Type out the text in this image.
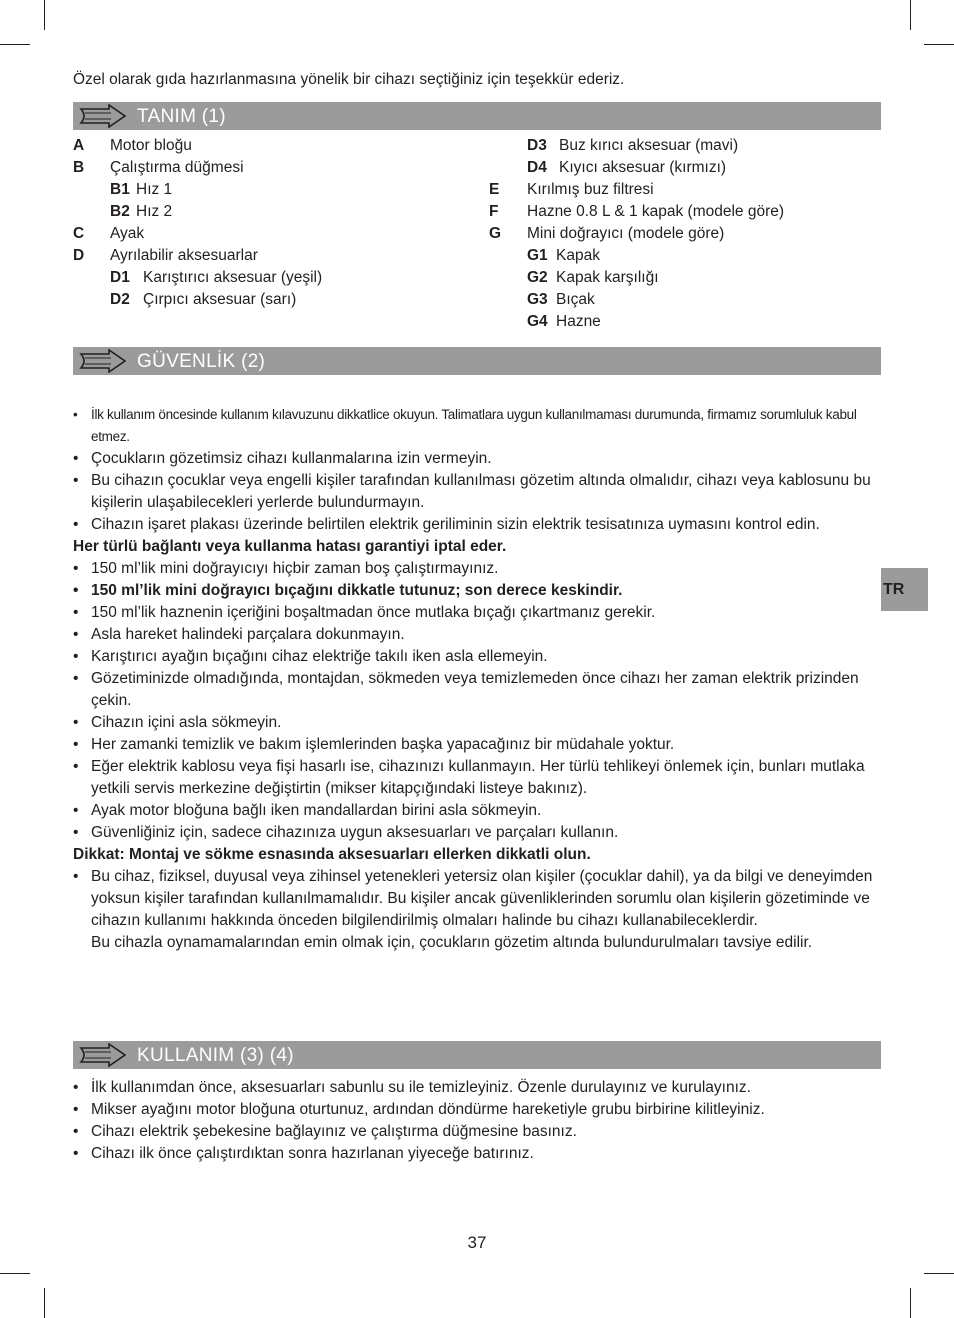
Özel olarak gıda hazırlanmasına yönelik bir cihazı seçtiğiniz için teşekkür ederiz.
TANIM (1)
A Motor bloğu
B Çalıştırma düğmesi
B1 Hız 1
B2 Hız 2
C Ayak
D Ayrılabilir aksesuarlar
D1 Karıştırıcı aksesuar (yeşil)
D2 Çırpıcı aksesuar (sarı)
D3 Buz kırıcı aksesuar (mavi)
D4 Kıyıcı aksesuar (kırmızı)
E Kırılmış buz filtresi
F Hazne 0.8 L & 1 kapak (modele göre)
G Mini doğrayıcı (modele göre)
G1 Kapak
G2 Kapak karşılığı
G3 Bıçak
G4 Hazne
GÜVENLİK (2)
• İlk kullanım öncesinde kullanım kılavuzunu dikkatlice okuyun. Talimatlara uygun kullanılmaması durumunda, firmamız sorumluluk kabul etmez.
• Çocukların gözetimsiz cihazı kullanmalarına izin vermeyin.
• Bu cihazın çocuklar veya engelli kişiler tarafından kullanılması gözetim altında olmalıdır, cihazı veya kablosunu bu kişilerin ulaşabilecekleri yerlerde bulundurmayın.
• Cihazın işaret plakası üzerinde belirtilen elektrik geriliminin sizin elektrik tesisatınıza uymasını kontrol edin.
Her türlü bağlantı veya kullanma hatası garantiyi iptal eder.
• 150 ml’lik mini doğrayıcıyı hiçbir zaman boş çalıştırmayınız.
• 150 ml’lik mini doğrayıcı bıçağını dikkatle tutunuz; son derece keskindir.
• 150 ml’lik haznenin içeriğini boşaltmadan önce mutlaka bıçağı çıkartmanız gerekir.
• Asla hareket halindeki parçalara dokunmayın.
• Karıştırıcı ayağın bıçağını cihaz elektriğe takılı iken asla ellemeyin.
• Gözetiminizde olmadığında, montajdan, sökmeden veya temizlemeden önce cihazı her zaman elektrik prizinden çekin.
• Cihazın içini asla sökmeyin.
• Her zamanki temizlik ve bakım işlemlerinden başka yapacağınız bir müdahale yoktur.
• Eğer elektrik kablosu veya fişi hasarlı ise, cihazınızı kullanmayın. Her türlü tehlikeyi önlemek için, bunları mutlaka yetkili servis merkezine değiştirtin (mikser kitapçığındaki listeye bakınız).
• Ayak motor bloğuna bağlı iken mandallardan birini asla sökmeyin.
• Güvenliğiniz için, sadece cihazınıza uygun aksesuarları ve parçaları kullanın.
Dikkat: Montaj ve sökme esnasında aksesuarları ellerken dikkatli olun.
• Bu cihaz, fiziksel, duyusal veya zihinsel yetenekleri yetersiz olan kişiler (çocuklar dahil), ya da bilgi ve deneyimden yoksun kişiler tarafından kullanılmamalıdır. Bu kişiler ancak güvenliklerinden sorumlu olan kişilerin gözetiminde ve cihazın kullanımı hakkında önceden bilgilendirilmiş olmaları halinde bu cihazı kullanabileceklerdir.
Bu cihazla oynamamalarından emin olmak için, çocukların gözetim altında bulundurulmaları tavsiye edilir.
TR
KULLANIM (3) (4)
• İlk kullanımdan önce, aksesuarları sabunlu su ile temizleyiniz. Özenle durulayınız ve kurulayınız.
• Mikser ayağını motor bloğuna oturtunuz, ardından döndürme hareketiyle grubu birbirine kilitleyiniz.
• Cihazı elektrik şebekesine bağlayınız ve çalıştırma düğmesine basınız.
• Cihazı ilk önce çalıştırdıktan sonra hazırlanan yiyeceğe batırınız.
37
